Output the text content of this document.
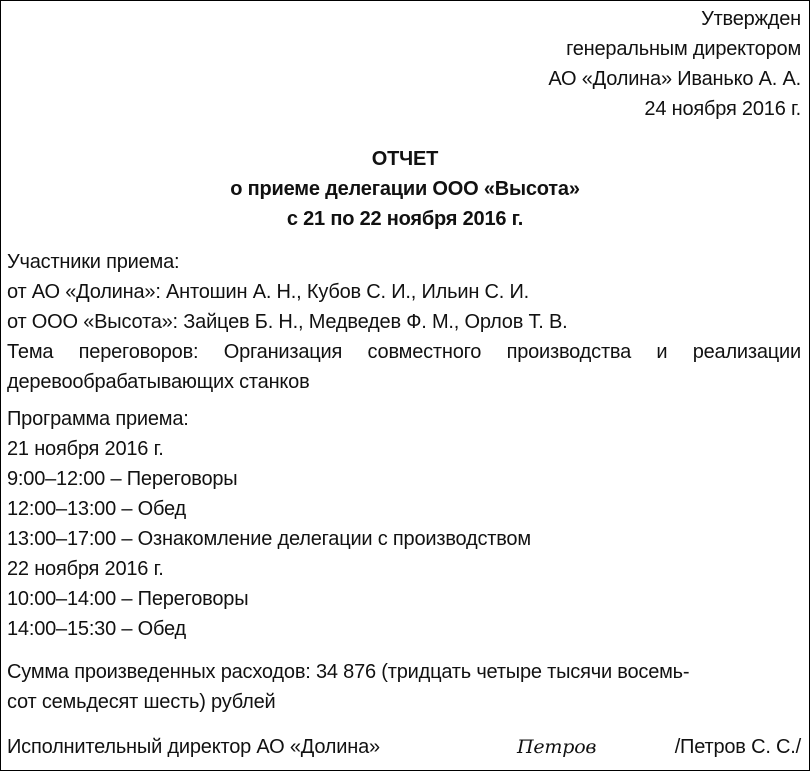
Утвержден
генеральным директором
АО «Долина» Иванько А. А.
24 ноября 2016 г.
ОТЧЕТ
о приеме делегации ООО «Высота»
с 21 по 22 ноября 2016 г.
Участники приема:
от АО «Долина»: Антошин А. Н., Кубов С. И., Ильин С. И.
от ООО «Высота»: Зайцев Б. Н., Медведев Ф. М., Орлов Т. В.
Тема переговоров: Организация совместного производства и реализации деревообрабатывающих станков
Программа приема:
21 ноября 2016 г.
9:00–12:00 – Переговоры
12:00–13:00 – Обед
13:00–17:00 – Ознакомление делегации с производством
22 ноября 2016 г.
10:00–14:00 – Переговоры
14:00–15:30 – Обед
Сумма произведенных расходов: 34 876 (тридцать четыре тысячи восемь-
сот семьдесят шесть) рублей
Исполнительный директор АО «Долина»	Петров	/Петров С. С./
